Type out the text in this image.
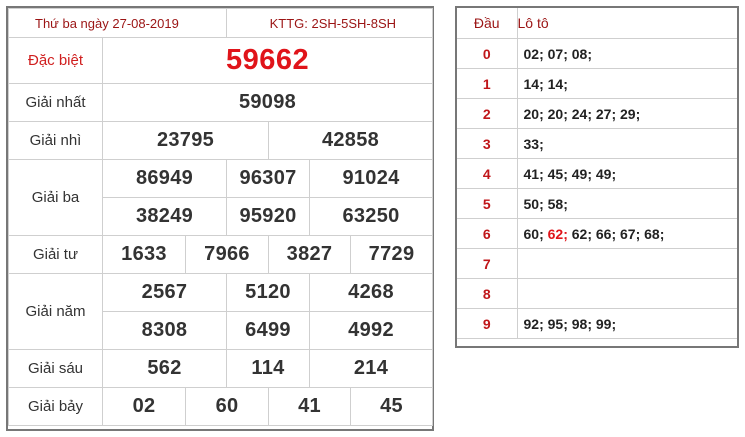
Thứ ba ngày 27-08-2019			KTTG: 2SH-5SH-8SH			
Đặc biệt	59662					
Giải nhất	59098					
Giải nhì	23795			42858		
Giải ba	86949		96307		91024	
	38249		95920		63250	
Giải tư	1633	7966		3827		7729
Giải năm	2567		5120		4268	
	8308		6499		4992	
Giải sáu	562		114		214	
Giải bảy	02	60		41		45
Đầu	Lô tô
0	02; 07; 08;
1	14; 14;
2	20; 20; 24; 27; 29;
3	33;
4	41; 45; 49; 49;
5	50; 58;
6	60; 62; 62; 66; 67; 68;
7	
8	
9	92; 95; 98; 99;
